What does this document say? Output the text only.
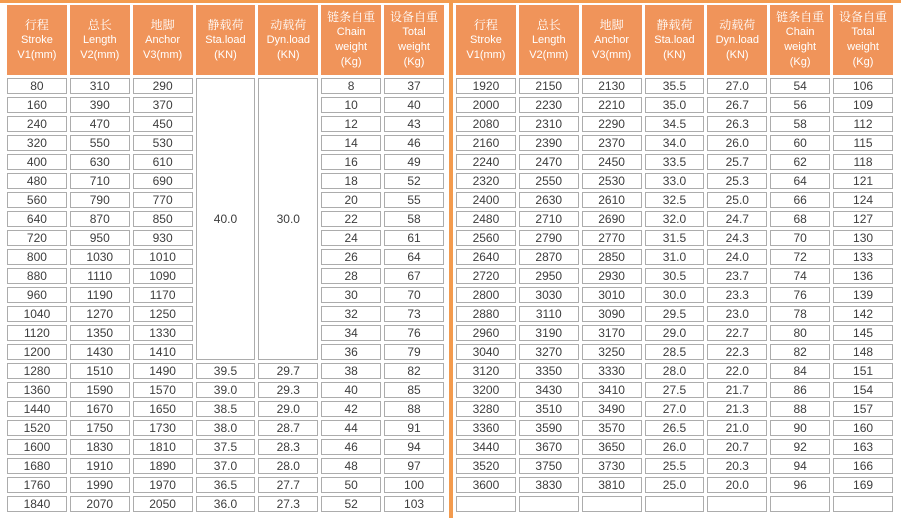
行程
Stroke
V1(mm)	总长
Length
V2(mm)	地脚
Anchor
V3(mm)	静载荷
Sta.load
(KN)	动载荷
Dyn.load
(KN)	链条自重
Chain
weight
(Kg)	设备自重
Total
weight
(Kg)

80	310	290	40.0	30.0	8	37
160	390	370			10	40
240	470	450			12	43
320	550	530			14	46
400	630	610			16	49
480	710	690			18	52
560	790	770			20	55
640	870	850			22	58
720	950	930			24	61
800	1030	1010			26	64
880	1110	1090			28	67
960	1190	1170			30	70
1040	1270	1250			32	73
1120	1350	1330			34	76
1200	1430	1410			36	79
1280	1510	1490	39.5	29.7	38	82
1360	1590	1570	39.0	29.3	40	85
1440	1670	1650	38.5	29.0	42	88
1520	1750	1730	38.0	28.7	44	91
1600	1830	1810	37.5	28.3	46	94
1680	1910	1890	37.0	28.0	48	97
1760	1990	1970	36.5	27.7	50	100
1840	2070	2050	36.0	27.3	52	103
行程
Stroke
V1(mm)	总长
Length
V2(mm)	地脚
Anchor
V3(mm)	静载荷
Sta.load
(KN)	动载荷
Dyn.load
(KN)	链条自重
Chain
weight
(Kg)	设备自重
Total
weight
(Kg)

1920	2150	2130	35.5	27.0	54	106
2000	2230	2210	35.0	26.7	56	109
2080	2310	2290	34.5	26.3	58	112
2160	2390	2370	34.0	26.0	60	115
2240	2470	2450	33.5	25.7	62	118
2320	2550	2530	33.0	25.3	64	121
2400	2630	2610	32.5	25.0	66	124
2480	2710	2690	32.0	24.7	68	127
2560	2790	2770	31.5	24.3	70	130
2640	2870	2850	31.0	24.0	72	133
2720	2950	2930	30.5	23.7	74	136
2800	3030	3010	30.0	23.3	76	139
2880	3110	3090	29.5	23.0	78	142
2960	3190	3170	29.0	22.7	80	145
3040	3270	3250	28.5	22.3	82	148
3120	3350	3330	28.0	22.0	84	151
3200	3430	3410	27.5	21.7	86	154
3280	3510	3490	27.0	21.3	88	157
3360	3590	3570	26.5	21.0	90	160
3440	3670	3650	26.0	20.7	92	163
3520	3750	3730	25.5	20.3	94	166
3600	3830	3810	25.0	20.0	96	169
